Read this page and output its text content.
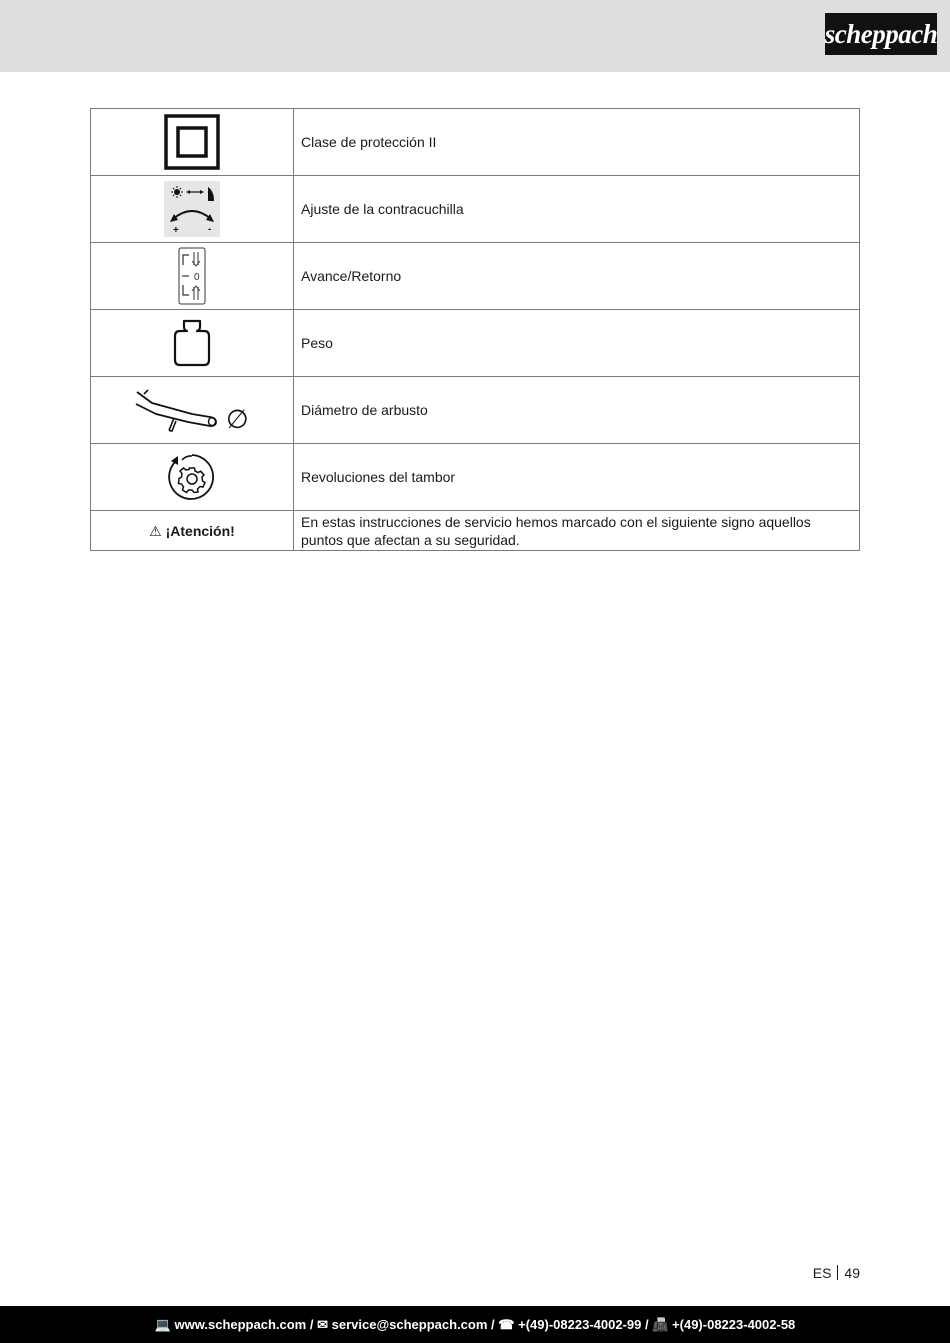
scheppach
	Clase de protección II

+ -	Ajuste de la contracuchilla

0	Avance/Retorno

	Peso

∅	Diámetro de arbusto

	Revoluciones del tambor
⚠ ¡Atención!	En estas instrucciones de servicio hemos marcado con el siguiente signo aquellos puntos que afectan a su seguridad.
ES 49
💻
www.scheppach.com
/
✉
service@scheppach.com
/
☎
+(49)-08223-4002-99
/
📠
+(49)-08223-4002-58
